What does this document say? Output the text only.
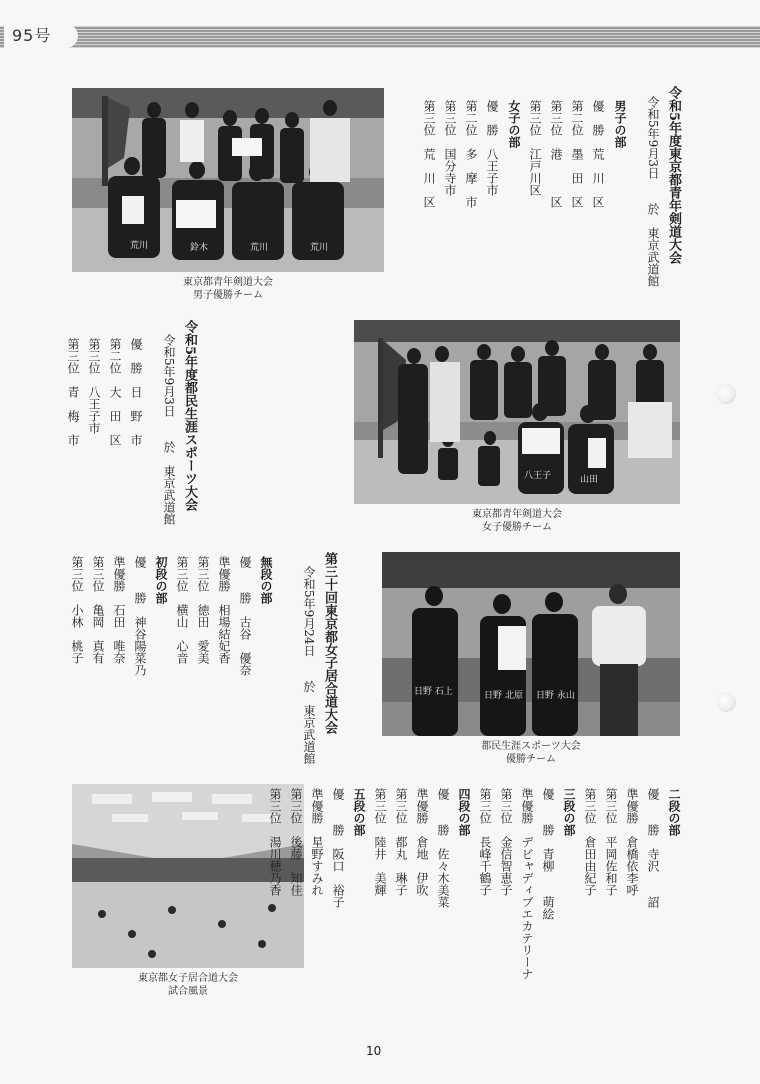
95号
荒川	鈴木	荒川	荒川
東京都青年剣道大会
男子優勝チーム
令和5年度東京都青年剣道大会
令和5年9月3日　　於　東京武道館
男子の部
優　勝　荒　川　区
第二位　墨　田　区
第三位　港　　　区
第三位　江戸川区
女子の部
優　勝　八王子市
第二位　多　摩　市
第三位　国分寺市
第三位　荒　川　区
令和5年度都民生涯スポーツ大会
令和5年9月3日　　於　東京武道館
優　勝　日　野　市
第二位　大　田　区
第三位　八王子市
第三位　青　梅　市
八王子	山田
東京都青年剣道大会
女子優勝チーム
第三十回東京都女子居合道大会
令和5年9月24日　　於　東京武道館
無段の部
優　　勝　古谷　優奈
準優勝　相場結妃香
第三位　徳田　愛美
第三位　横山　心音
初段の部
優　　勝　神谷陽菜乃
準優勝　石田　唯奈
第三位　亀岡　真有
第三位　小林　桃子
日野 石上	日野 北原 日野 永山
都民生涯スポーツ大会
優勝チーム
東京都女子居合道大会
試合風景
二段の部
優　　勝　寺沢　　詔
準優勝　倉橋依李呼
第三位　平岡佐和子
第三位　倉田由紀子
三段の部
優　　勝　青柳　　萌絵
準優勝　デビャディブエカテリーナ
第三位　金信智恵子
第三位　長峰千鶴子
四段の部
優　　勝　佐々木美菜
準優勝　倉地　伊吹
第三位　都丸　琳子
第三位　陸井　美輝
五段の部
優　　勝　阪口　裕子
準優勝　星野すみれ
第三位　後藤　知佳
第三位　湯川穂乃香
10
